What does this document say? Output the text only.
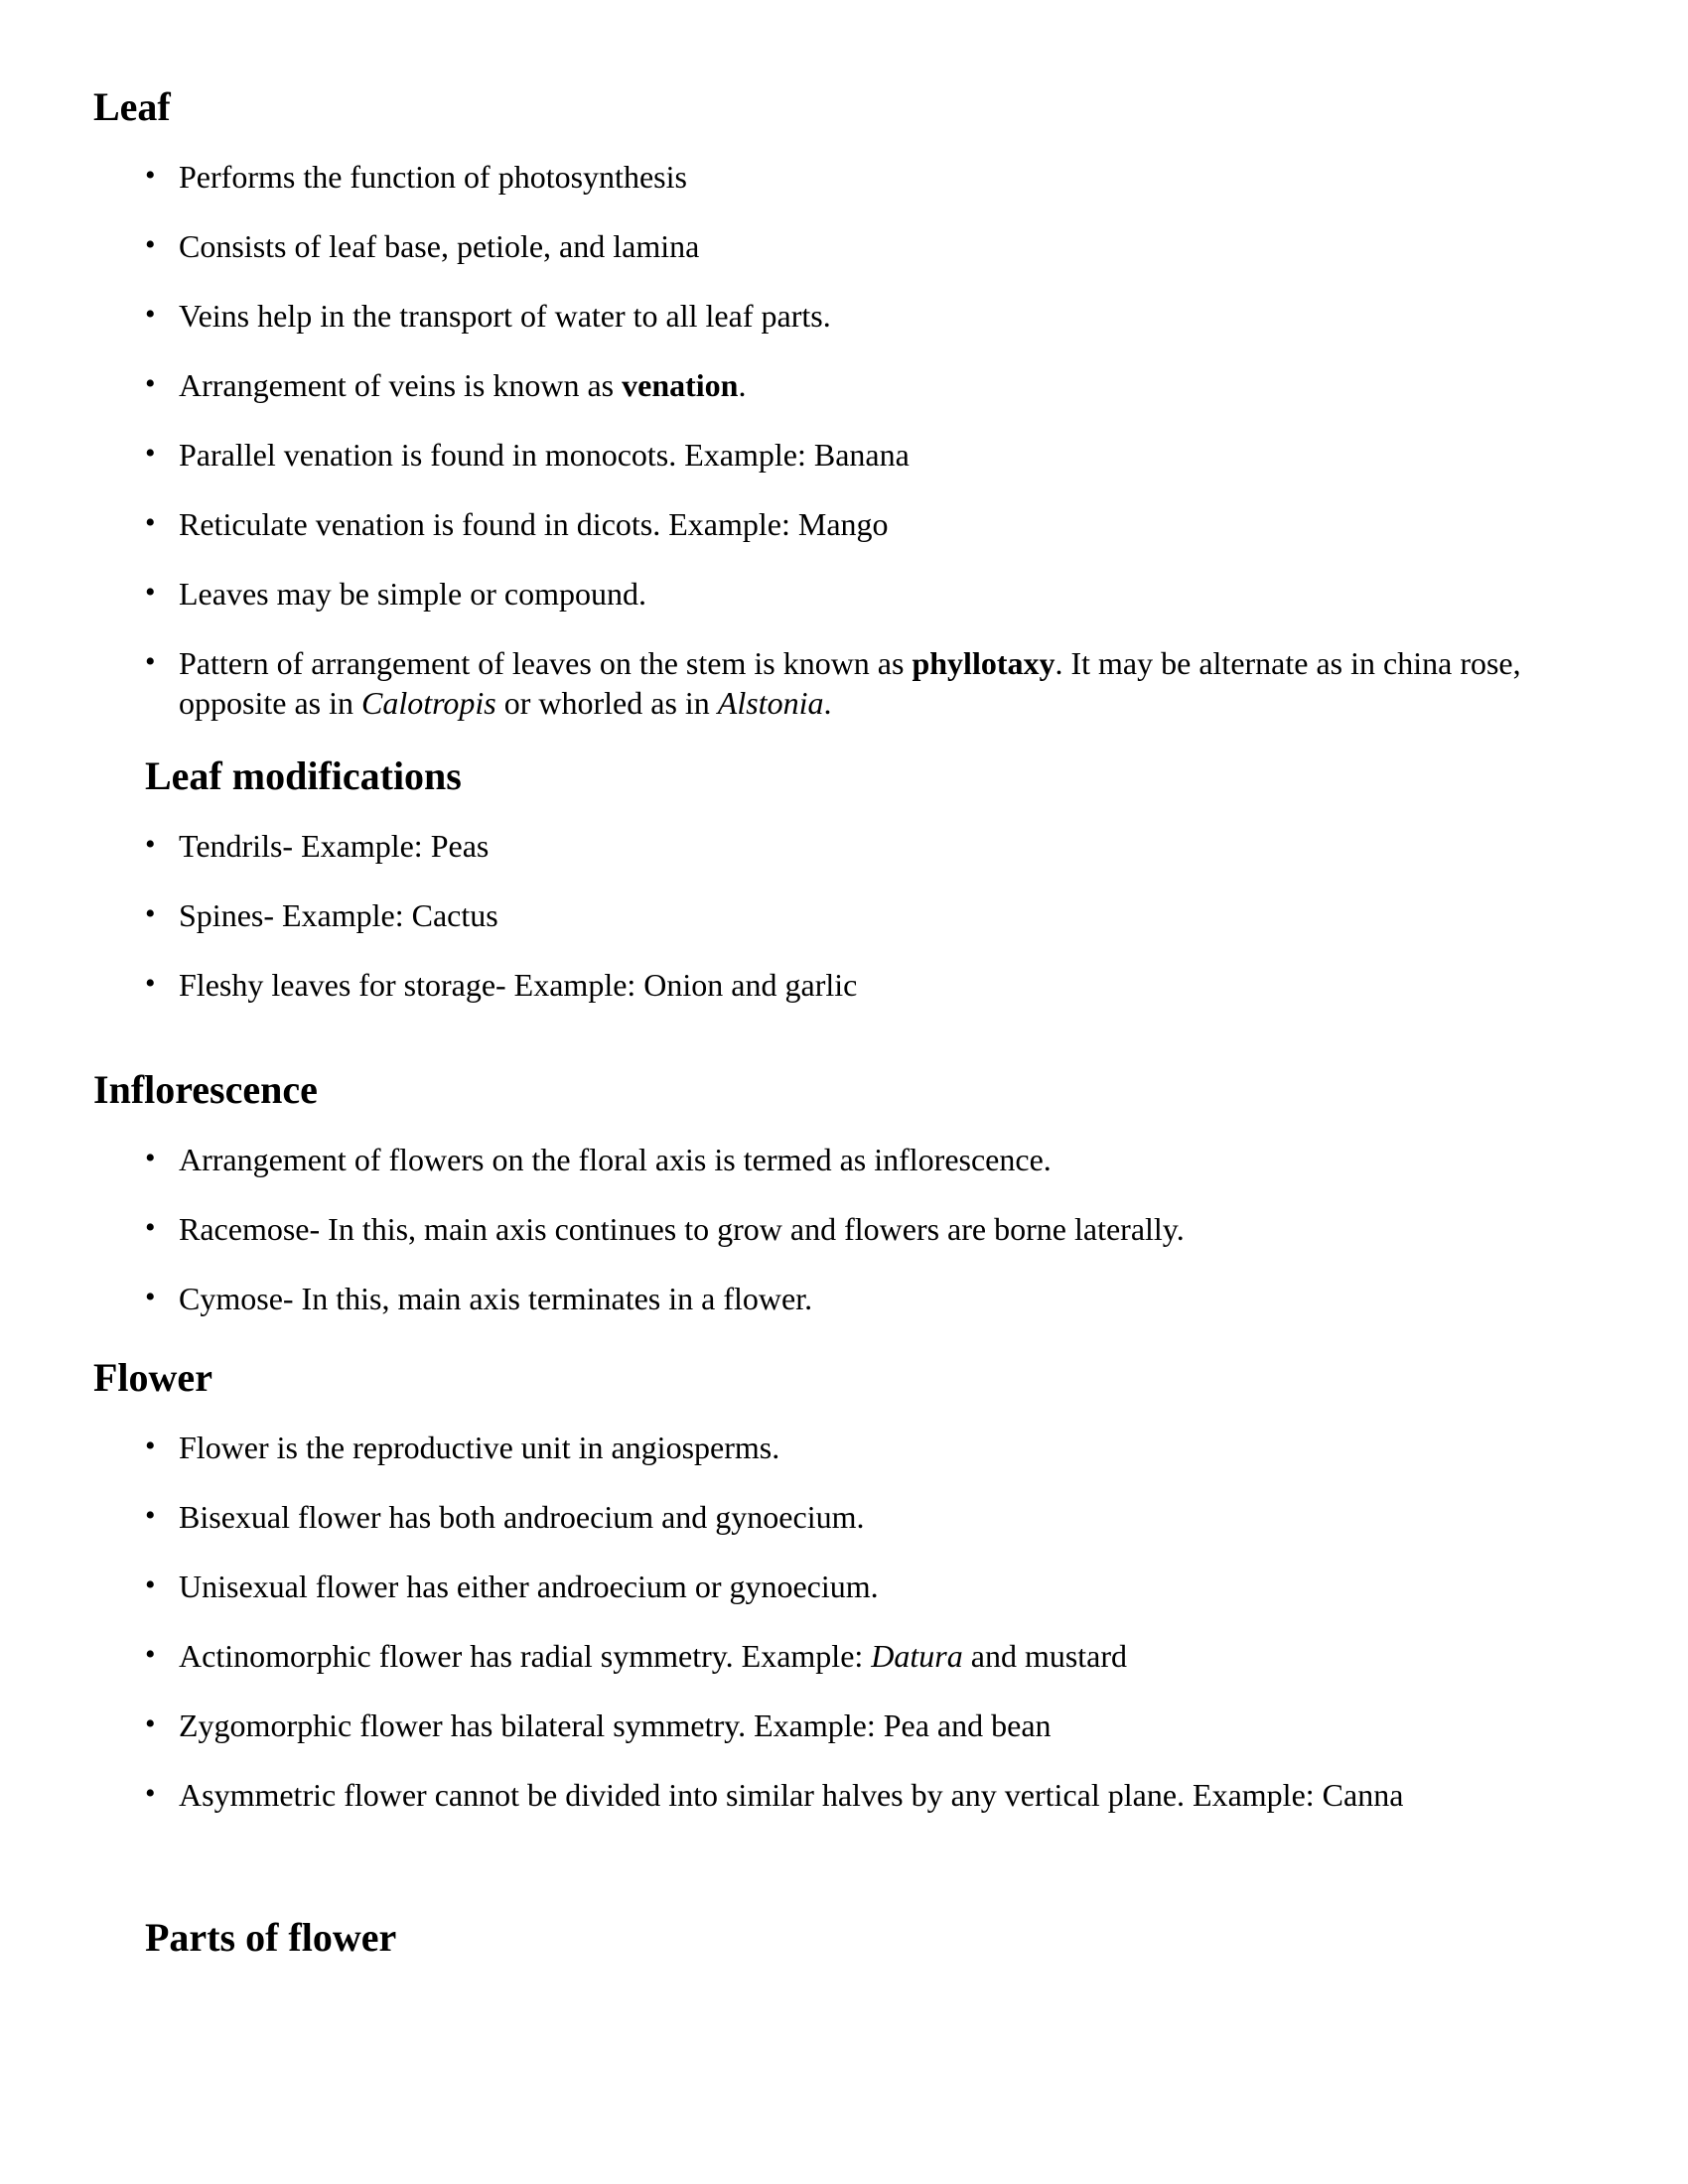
Leaf
• Performs the function of photosynthesis
• Consists of leaf base, petiole, and lamina
• Veins help in the transport of water to all leaf parts.
• Arrangement of veins is known as venation.
• Parallel venation is found in monocots. Example: Banana
• Reticulate venation is found in dicots. Example: Mango
• Leaves may be simple or compound.
• Pattern of arrangement of leaves on the stem is known as phyllotaxy. It may be alternate as in china rose, opposite as in Calotropis or whorled as in Alstonia.
Leaf modifications
• Tendrils- Example: Peas
• Spines- Example: Cactus
• Fleshy leaves for storage- Example: Onion and garlic
Inflorescence
• Arrangement of flowers on the floral axis is termed as inflorescence.
• Racemose- In this, main axis continues to grow and flowers are borne laterally.
• Cymose- In this, main axis terminates in a flower.
Flower
• Flower is the reproductive unit in angiosperms.
• Bisexual flower has both androecium and gynoecium.
• Unisexual flower has either androecium or gynoecium.
• Actinomorphic flower has radial symmetry. Example: Datura and mustard
• Zygomorphic flower has bilateral symmetry. Example: Pea and bean
• Asymmetric flower cannot be divided into similar halves by any vertical plane. Example: Canna
Parts of flower
